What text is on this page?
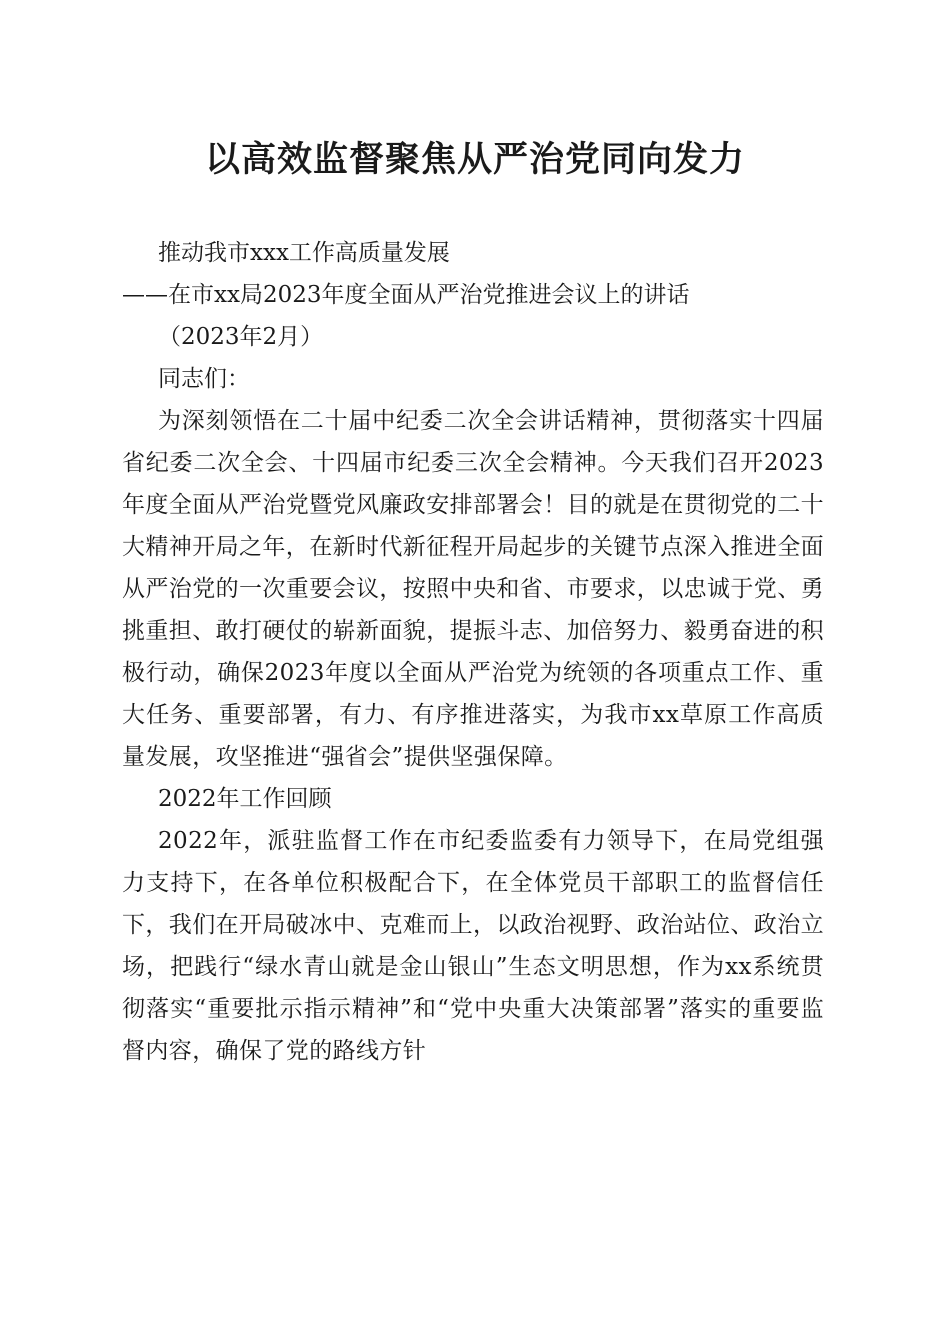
以高效监督聚焦从严治党同向发力

推动我市xxx工作高质量发展

——在市xx局2023年度全面从严治党推进会议上的讲话

（2023年2月）

同志们：

为深刻领悟在二十届中纪委二次全会讲话精神，贯彻落实十四届省纪委二次全会、十四届市纪委三次全会精神。今天我们召开2023年度全面从严治党暨党风廉政安排部署会！目的就是在贯彻党的二十大精神开局之年，在新时代新征程开局起步的关键节点深入推进全面从严治党的一次重要会议，按照中央和省、市要求，以忠诚于党、勇挑重担、敢打硬仗的崭新面貌，提振斗志、加倍努力、毅勇奋进的积极行动，确保2023年度以全面从严治党为统领的各项重点工作、重大任务、重要部署，有力、有序推进落实，为我市xx草原工作高质量发展，攻坚推进“强省会”提供坚强保障。

2022年工作回顾

2022年，派驻监督工作在市纪委监委有力领导下，在局党组强力支持下，在各单位积极配合下，在全体党员干部职工的监督信任下，我们在开局破冰中、克难而上，以政治视野、政治站位、政治立场，把践行“绿水青山就是金山银山”生态文明思想，作为xx系统贯彻落实“重要批示指示精神”和“党中央重大决策部署”落实的重要监督内容，确保了党的路线方针
